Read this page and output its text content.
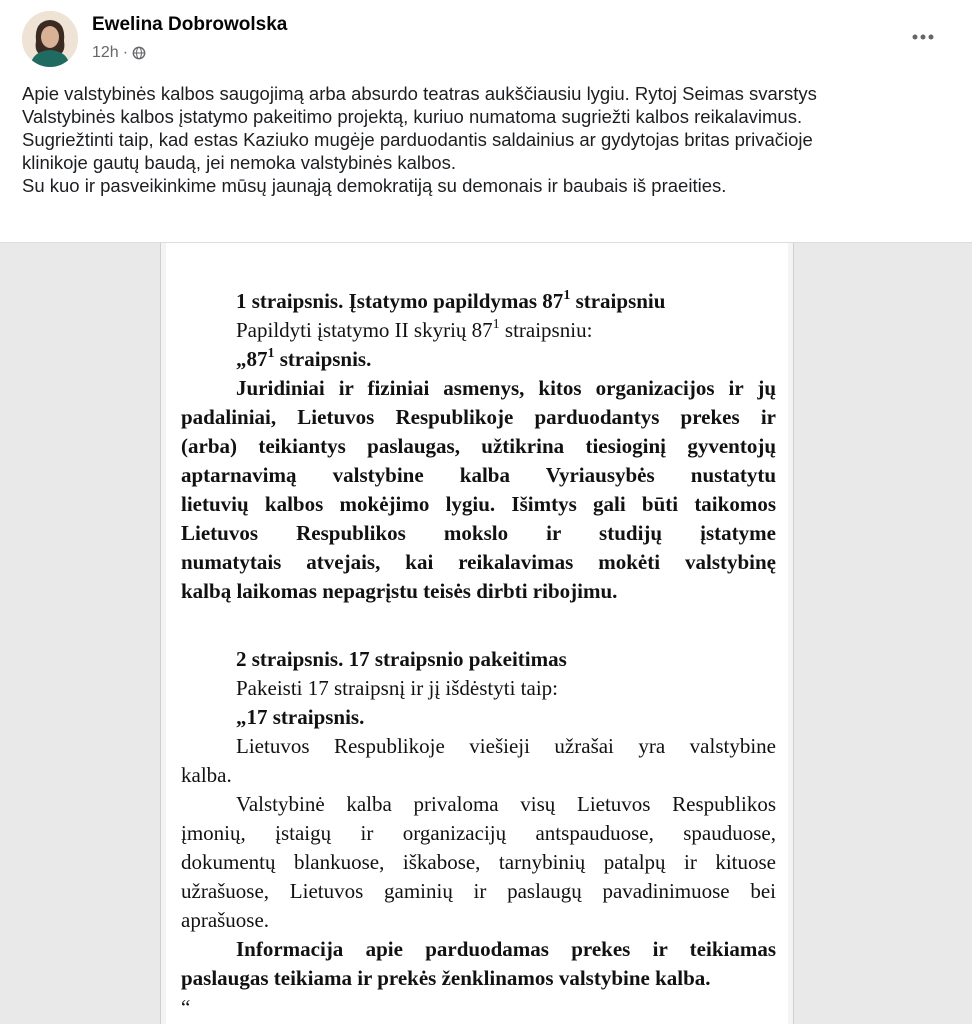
Ewelina Dobrowolska
12h ·

Apie valstybinės kalbos saugojimą arba absurdo teatras aukščiausiu lygiu. Rytoj Seimas svarstys

Valstybinės kalbos įstatymo pakeitimo projektą, kuriuo numatoma sugriežti kalbos reikalavimus.

Sugriežtinti taip, kad estas Kaziuko mugėje parduodantis saldainius ar gydytojas britas privačioje

klinikoje gautų baudą, jei nemoka valstybinės kalbos.

Su kuo ir pasveikinkime mūsų jaunąją demokratiją su demonais ir baubais iš praeities.

1 straipsnis. Įstatymo papildymas $87^1$ straipsniu

Papildyti įstatymo II skyrių $87^1$ straipsniu:

$„87^1$ straipsnis.

Juridiniai ir fiziniai asmenys, kitos organizacijos ir jų

padaliniai, Lietuvos Respublikoje parduodantys prekes ir

(arba) teikiantys paslaugas, užtikrina tiesioginį gyventojų

aptarnavimą valstybine kalba Vyriausybės nustatytu

lietuvių kalbos mokėjimo lygiu. Išimtys gali būti taikomos

Lietuvos Respublikos mokslo ir studijų įstatyme

numatytais atvejais, kai reikalavimas mokėti valstybinę

kalbą laikomas nepagrįstu teisės dirbti ribojimu.

2 straipsnis. 17 straipsnio pakeitimas

Pakeisti 17 straipsnį ir jį išdėstyti taip:

„17 straipsnis.

Lietuvos Respublikoje viešieji užrašai yra valstybine

kalba.

Valstybinė kalba privaloma visų Lietuvos Respublikos

įmonių, įstaigų ir organizacijų antspauduose, spauduose,

dokumentų blankuose, iškabose, tarnybinių patalpų ir kituose

užrašuose, Lietuvos gaminių ir paslaugų pavadinimuose bei

aprašuose.

Informacija apie parduodamas prekes ir teikiamas

paslaugas teikiama ir prekės ženklinamos valstybine kalba.

“
